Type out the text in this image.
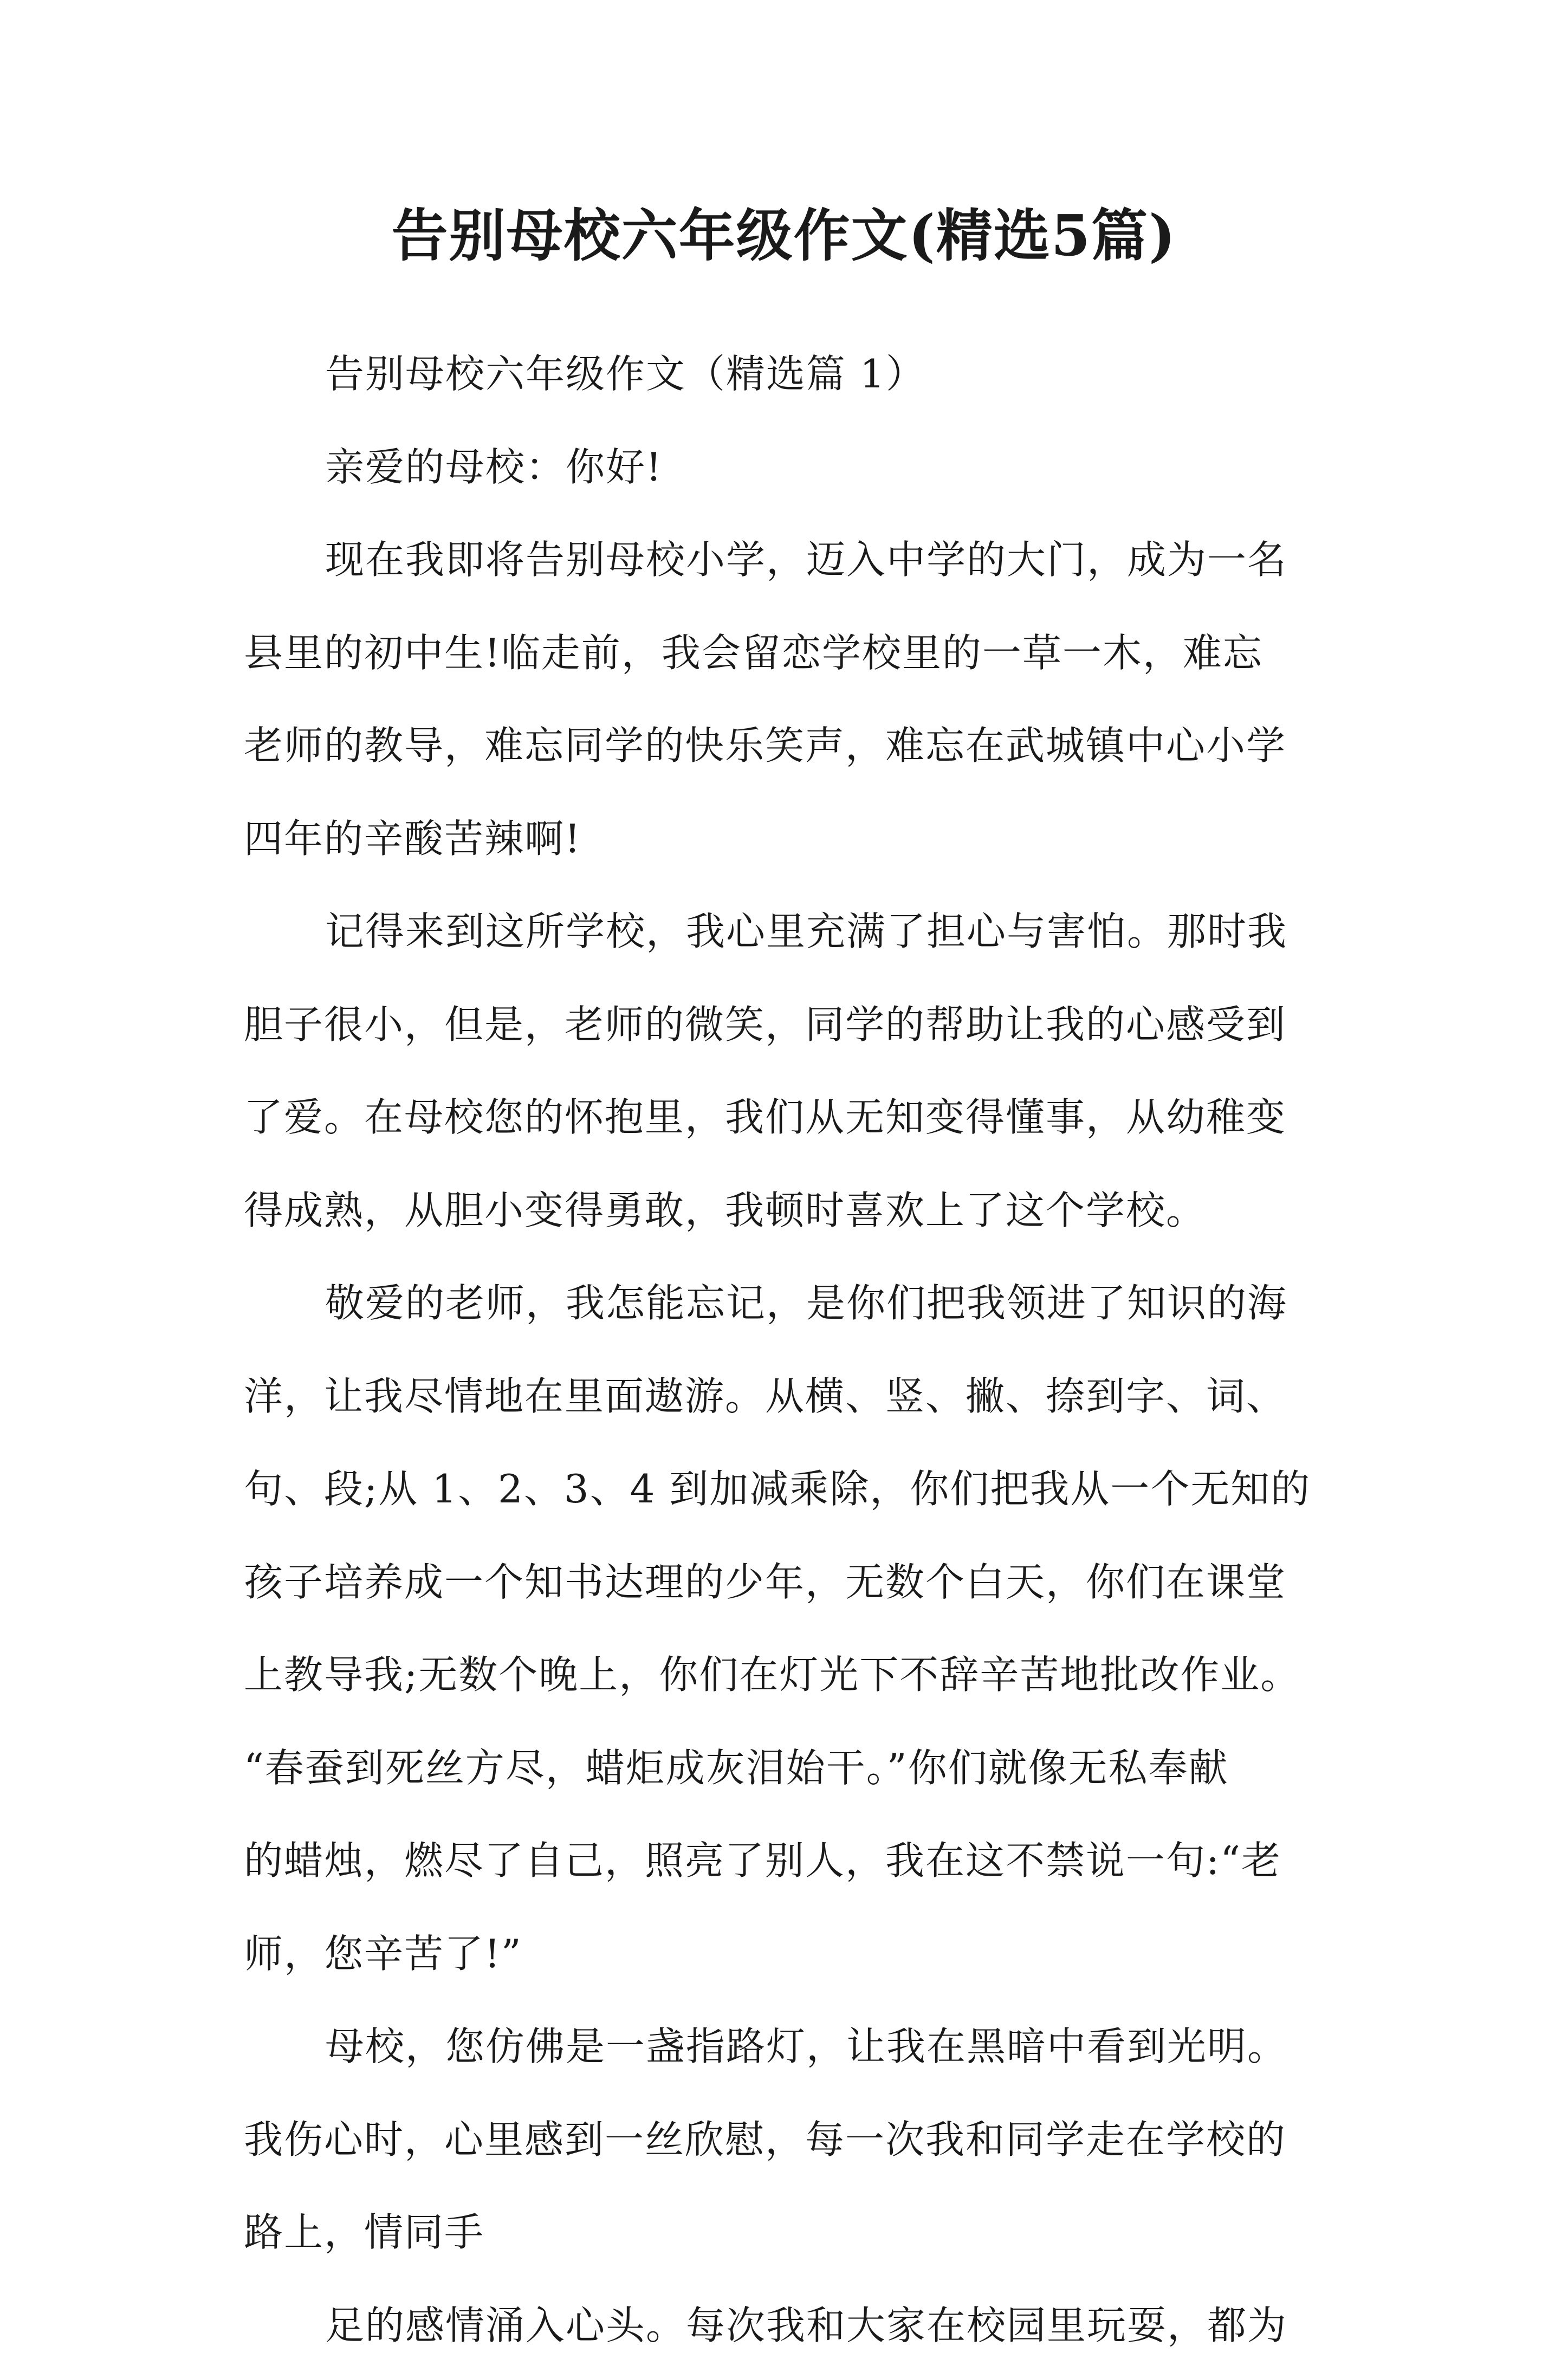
告别母校六年级作文(精选5篇)
告别母校六年级作文（精选篇 1）
亲爱的母校：你好!
现在我即将告别母校小学，迈入中学的大门，成为一名
县里的初中生!临走前，我会留恋学校里的一草一木，难忘
老师的教导，难忘同学的快乐笑声，难忘在武城镇中心小学
四年的辛酸苦辣啊!
记得来到这所学校，我心里充满了担心与害怕。那时我
胆子很小，但是，老师的微笑，同学的帮助让我的心感受到
了爱。在母校您的怀抱里，我们从无知变得懂事，从幼稚变
得成熟，从胆小变得勇敢，我顿时喜欢上了这个学校。
敬爱的老师，我怎能忘记，是你们把我领进了知识的海
洋，让我尽情地在里面遨游。从横、竖、撇、捺到字、词、
句、段;从 1、2、3、4 到加减乘除，你们把我从一个无知的
孩子培养成一个知书达理的少年，无数个白天，你们在课堂
上教导我;无数个晚上，你们在灯光下不辞辛苦地批改作业。
“春蚕到死丝方尽，蜡炬成灰泪始干。”你们就像无私奉献
的蜡烛，燃尽了自己，照亮了别人，我在这不禁说一句:“老
师，您辛苦了!”
母校，您仿佛是一盏指路灯，让我在黑暗中看到光明。
我伤心时，心里感到一丝欣慰，每一次我和同学走在学校的
路上，情同手
足的感情涌入心头。每次我和大家在校园里玩耍，都为
